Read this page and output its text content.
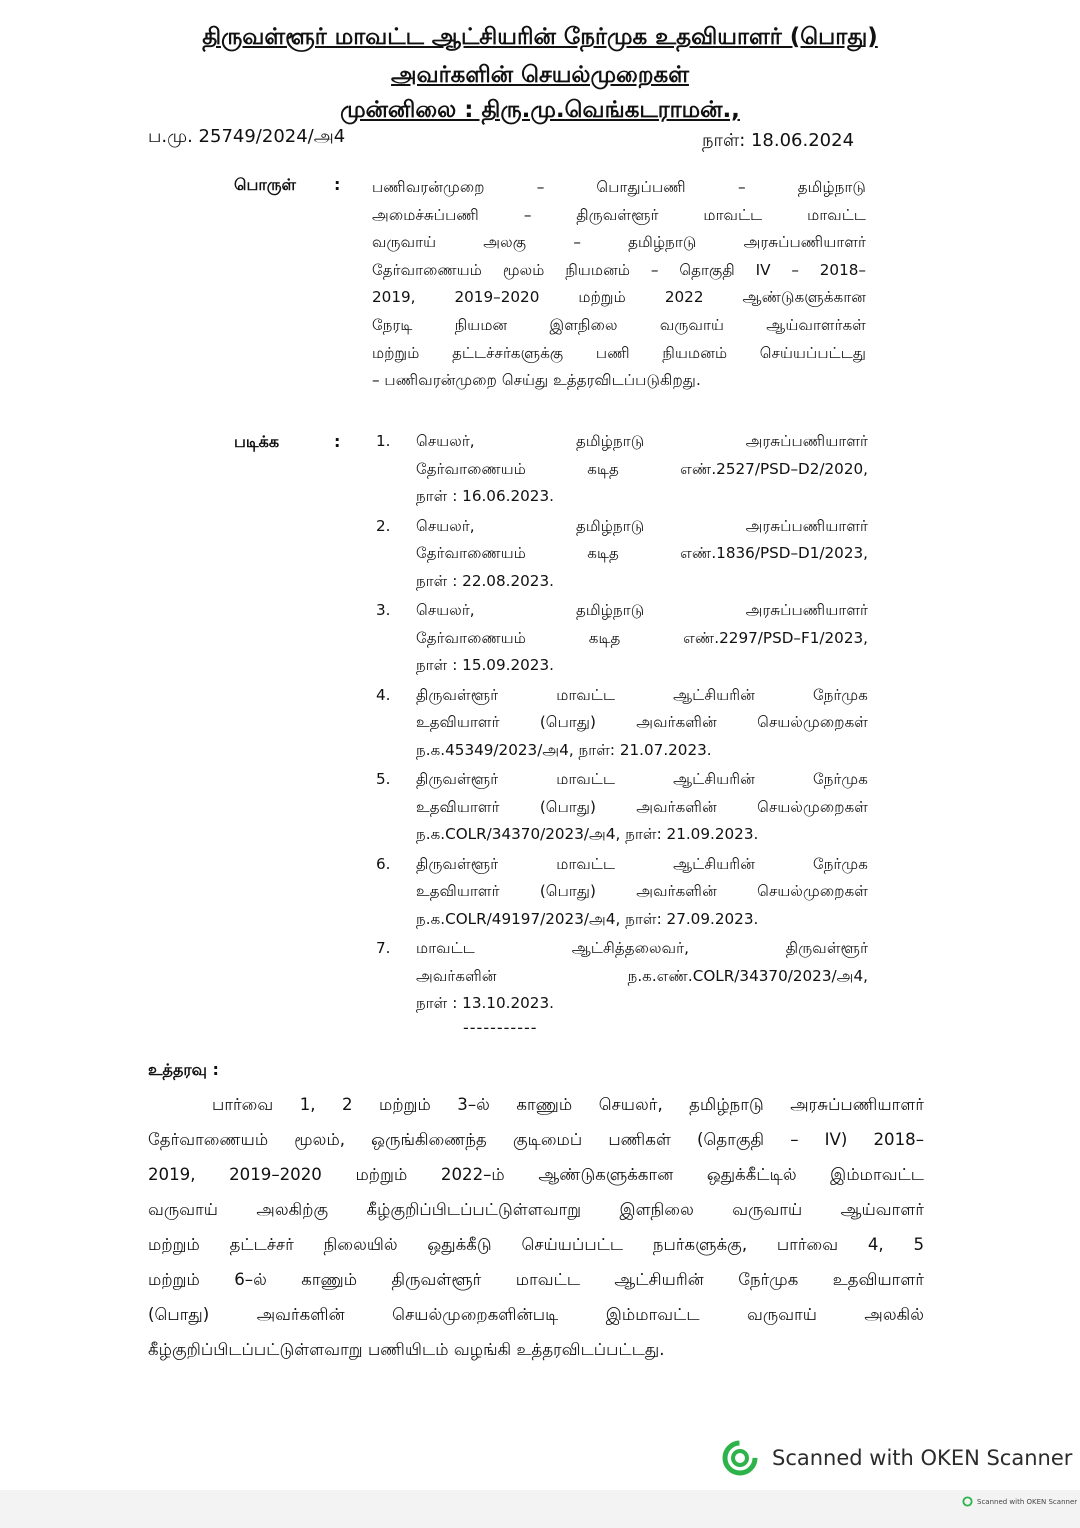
திருவள்ளூர் மாவட்ட ஆட்சியரின் நேர்முக உதவியாளர் (பொது)
அவர்களின் செயல்முறைகள்
முன்னிலை : திரு.மு.வெங்கடராமன்.,
ப.மு. 25749/2024/அ4	நாள்: 18.06.2024
பொருள் : பணிவரன்முறை – பொதுப்பணி – தமிழ்நாடு
அமைச்சுப்பணி – திருவள்ளூர் மாவட்ட மாவட்ட
வருவாய் அலகு – தமிழ்நாடு அரசுப்பணியாளர்
தேர்வாணையம் மூலம் நியமனம் – தொகுதி IV – 2018–
2019, 2019–2020 மற்றும் 2022 ஆண்டுகளுக்கான
நேரடி நியமன இளநிலை வருவாய் ஆய்வாளர்கள்
மற்றும் தட்டச்சர்களுக்கு பணி நியமனம் செய்யப்பட்டது
– பணிவரன்முறை செய்து உத்தரவிடப்படுகிறது.
படிக்க	: 1. செயலர், தமிழ்நாடு அரசுப்பணியாளர்
தேர்வாணையம் கடித எண்.2527/PSD–D2/2020,
நாள் : 16.06.2023.
2. செயலர், தமிழ்நாடு அரசுப்பணியாளர்
தேர்வாணையம் கடித எண்.1836/PSD–D1/2023,
நாள் : 22.08.2023.
3. செயலர், தமிழ்நாடு அரசுப்பணியாளர்
தேர்வாணையம் கடித எண்.2297/PSD–F1/2023,
நாள் : 15.09.2023.
4. திருவள்ளூர் மாவட்ட ஆட்சியரின் நேர்முக
உதவியாளர் (பொது) அவர்களின் செயல்முறைகள்
ந.க.45349/2023/அ4, நாள்: 21.07.2023.
5. திருவள்ளூர் மாவட்ட ஆட்சியரின் நேர்முக
உதவியாளர் (பொது) அவர்களின் செயல்முறைகள்
ந.க.COLR/34370/2023/அ4, நாள்: 21.09.2023.
6. திருவள்ளூர் மாவட்ட ஆட்சியரின் நேர்முக
உதவியாளர் (பொது) அவர்களின் செயல்முறைகள்
ந.க.COLR/49197/2023/அ4, நாள்: 27.09.2023.
7. மாவட்ட ஆட்சித்தலைவர், திருவள்ளூர்
அவர்களின் ந.க.எண்.COLR/34370/2023/அ4,
நாள் : 13.10.2023.
-----------
உத்தரவு :
பார்வை 1, 2 மற்றும் 3–ல் காணும் செயலர், தமிழ்நாடு அரசுப்பணியாளர்
தேர்வாணையம் மூலம், ஒருங்கிணைந்த குடிமைப் பணிகள் (தொகுதி – IV) 2018–
2019, 2019–2020 மற்றும் 2022–ம் ஆண்டுகளுக்கான ஒதுக்கீட்டில் இம்மாவட்ட
வருவாய் அலகிற்கு கீழ்குறிப்பிடப்பட்டுள்ளவாறு இளநிலை வருவாய் ஆய்வாளர்
மற்றும் தட்டச்சர் நிலையில் ஒதுக்கீடு செய்யப்பட்ட நபர்களுக்கு, பார்வை 4, 5
மற்றும் 6–ல் காணும் திருவள்ளூர் மாவட்ட ஆட்சியரின் நேர்முக உதவியாளர்
(பொது) அவர்களின் செயல்முறைகளின்படி இம்மாவட்ட வருவாய் அலகில்
கீழ்குறிப்பிடப்பட்டுள்ளவாறு பணியிடம் வழங்கி உத்தரவிடப்பட்டது.
Scanned with OKEN Scanner
Scanned with OKEN Scanner
